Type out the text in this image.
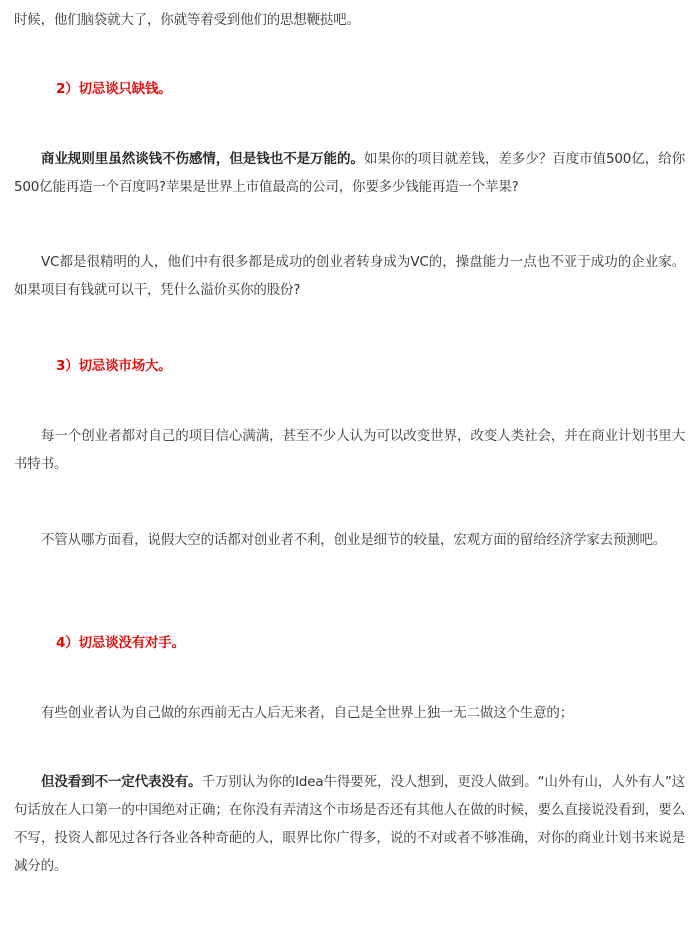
时候，他们脑袋就大了，你就等着受到他们的思想鞭挞吧。

2）切忌谈只缺钱。

商业规则里虽然谈钱不伤感情，但是钱也不是万能的。如果你的项目就差钱，差多少？百度市值500亿，给你500亿能再造一个百度吗?苹果是世界上市值最高的公司，你要多少钱能再造一个苹果?

VC都是很精明的人，他们中有很多都是成功的创业者转身成为VC的，操盘能力一点也不亚于成功的企业家。如果项目有钱就可以干，凭什么溢价买你的股份?

3）切忌谈市场大。

每一个创业者都对自己的项目信心满满，甚至不少人认为可以改变世界，改变人类社会，并在商业计划书里大书特书。

不管从哪方面看，说假大空的话都对创业者不利，创业是细节的较量，宏观方面的留给经济学家去预测吧。

4）切忌谈没有对手。

有些创业者认为自己做的东西前无古人后无来者，自己是全世界上独一无二做这个生意的；

但没看到不一定代表没有。千万别认为你的Idea牛得要死，没人想到，更没人做到。“山外有山，人外有人”这句话放在人口第一的中国绝对正确；在你没有弄清这个市场是否还有其他人在做的时候，要么直接说没看到，要么不写，投资人都见过各行各业各种奇葩的人，眼界比你广得多，说的不对或者不够准确，对你的商业计划书来说是减分的。
